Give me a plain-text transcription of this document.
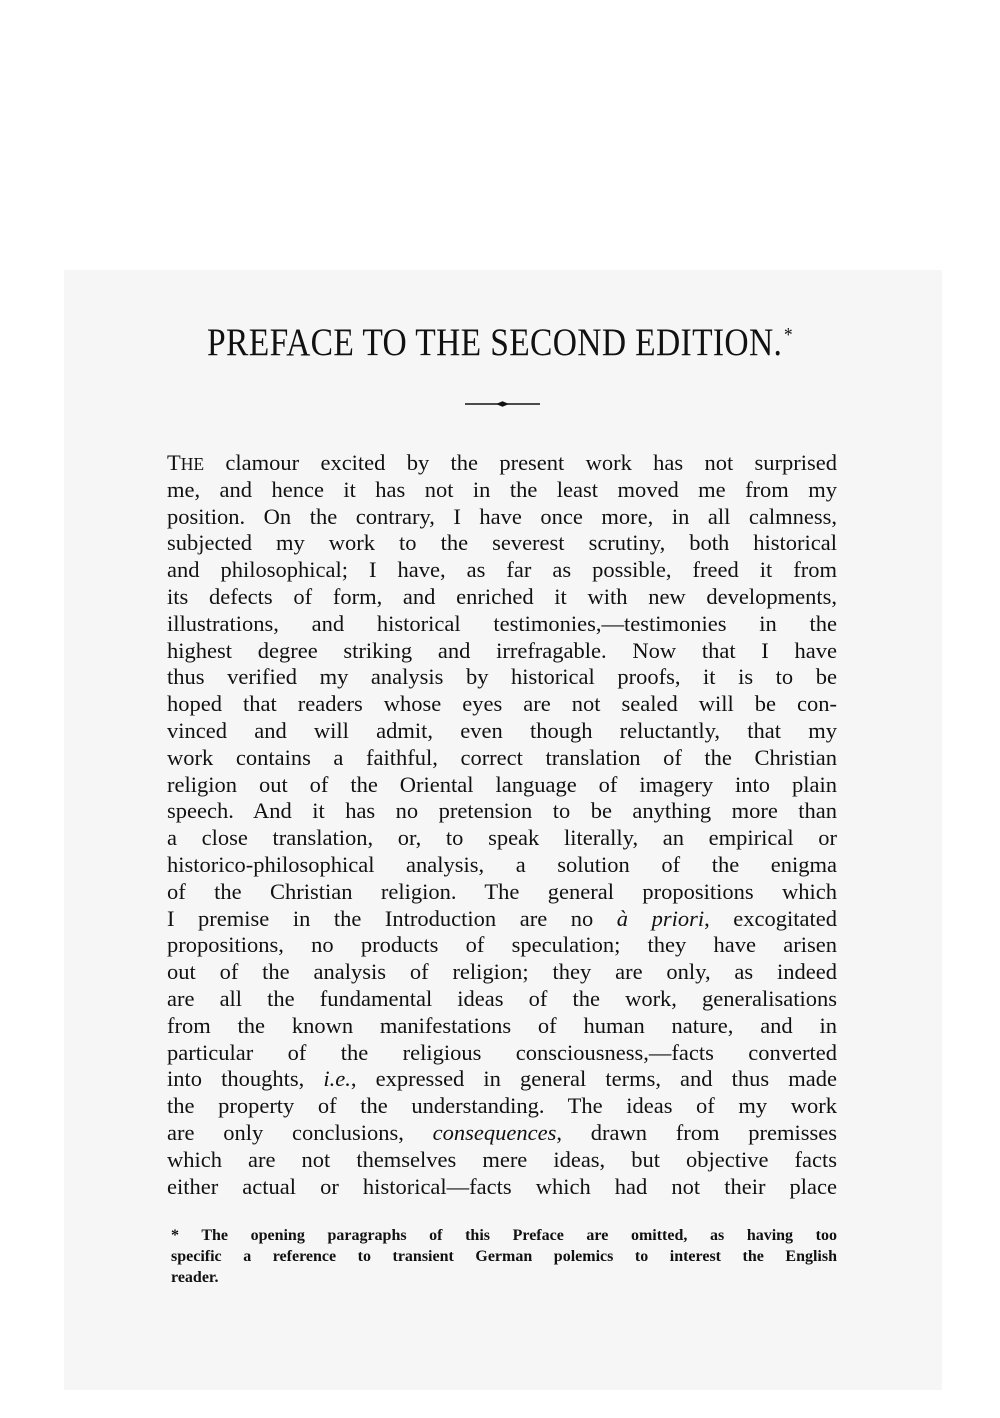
PREFACE TO THE SECOND EDITION.*
THE clamour excited by the present work has not surprised
me, and hence it has not in the least moved me from my
position. On the contrary, I have once more, in all calmness,
subjected my work to the severest scrutiny, both historical
and philosophical; I have, as far as possible, freed it from
its defects of form, and enriched it with new developments,
illustrations, and historical testimonies,—testimonies in the
highest degree striking and irrefragable. Now that I have
thus verified my analysis by historical proofs, it is to be
hoped that readers whose eyes are not sealed will be con-
vinced and will admit, even though reluctantly, that my
work contains a faithful, correct translation of the Christian
religion out of the Oriental language of imagery into plain
speech. And it has no pretension to be anything more than
a close translation, or, to speak literally, an empirical or
historico-philosophical analysis, a solution of the enigma
of the Christian religion. The general propositions which
I premise in the Introduction are no à priori, excogitated
propositions, no products of speculation; they have arisen
out of the analysis of religion; they are only, as indeed
are all the fundamental ideas of the work, generalisations
from the known manifestations of human nature, and in
particular of the religious consciousness,—facts converted
into thoughts, i.e., expressed in general terms, and thus made
the property of the understanding. The ideas of my work
are only conclusions, consequences, drawn from premisses
which are not themselves mere ideas, but objective facts
either actual or historical—facts which had not their place
* The opening paragraphs of this Preface are omitted, as having too
specific a reference to transient German polemics to interest the English
reader.
